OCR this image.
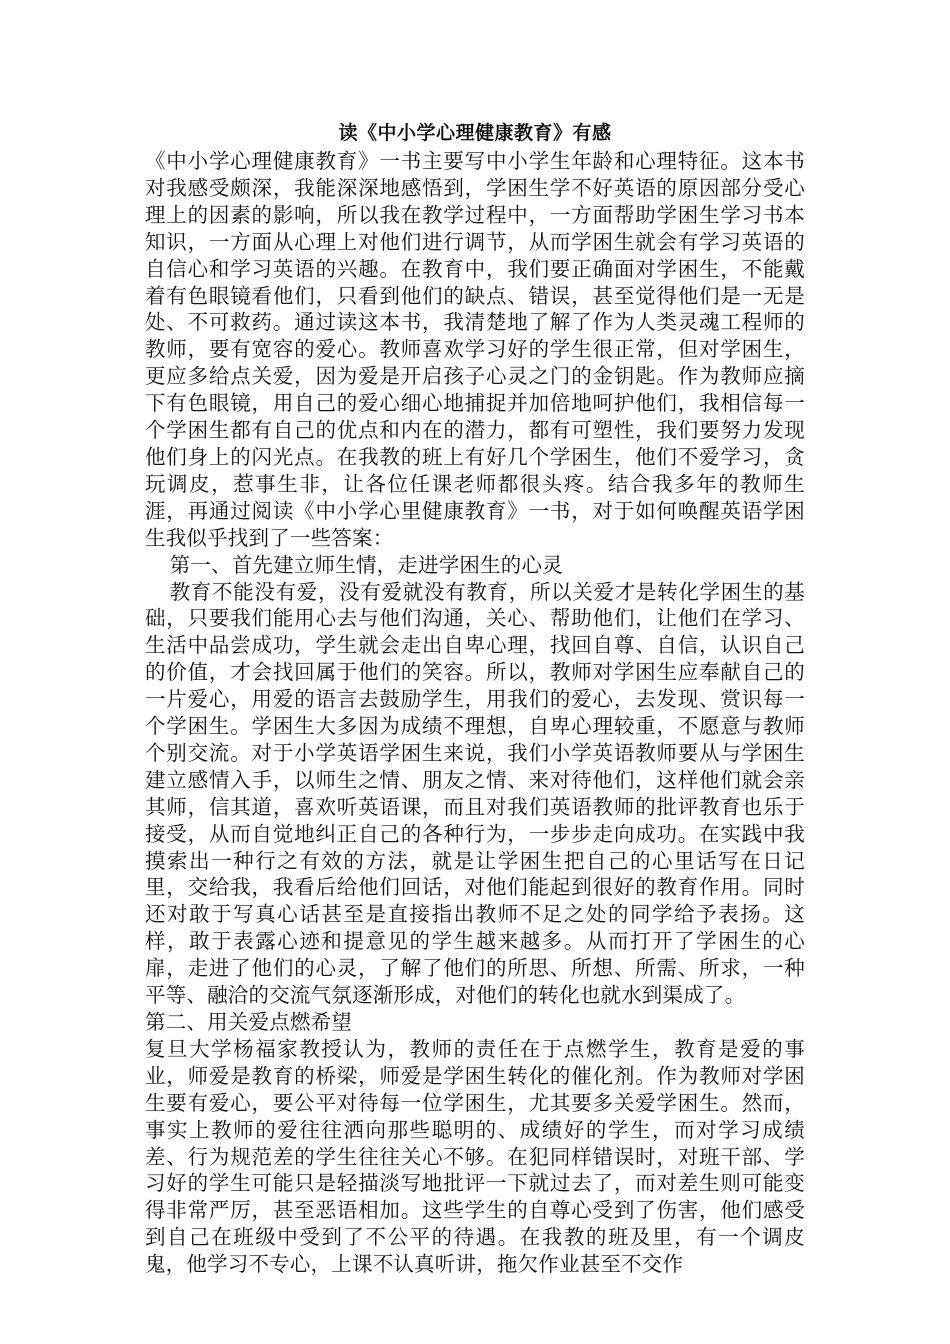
读《中小学心理健康教育》有感

《中小学心理健康教育》一书主要写中小学生年龄和心理特征。这本书对我感受颇深，我能深深地感悟到，学困生学不好英语的原因部分受心理上的因素的影响，所以我在教学过程中，一方面帮助学困生学习书本知识，一方面从心理上对他们进行调节，从而学困生就会有学习英语的自信心和学习英语的兴趣。在教育中，我们要正确面对学困生，不能戴着有色眼镜看他们，只看到他们的缺点、错误，甚至觉得他们是一无是处、不可救药。通过读这本书，我清楚地了解了作为人类灵魂工程师的教师，要有宽容的爱心。教师喜欢学习好的学生很正常，但对学困生，更应多给点关爱，因为爱是开启孩子心灵之门的金钥匙。作为教师应摘下有色眼镜，用自己的爱心细心地捕捉并加倍地呵护他们，我相信每一个学困生都有自己的优点和内在的潜力，都有可塑性，我们要努力发现他们身上的闪光点。在我教的班上有好几个学困生，他们不爱学习，贪玩调皮，惹事生非，让各位任课老师都很头疼。结合我多年的教师生涯，再通过阅读《中小学心里健康教育》一书，对于如何唤醒英语学困生我似乎找到了一些答案：

第一、首先建立师生情，走进学困生的心灵

教育不能没有爱，没有爱就没有教育，所以关爱才是转化学困生的基础，只要我们能用心去与他们沟通，关心、帮助他们，让他们在学习、生活中品尝成功，学生就会走出自卑心理，找回自尊、自信，认识自己的价值，才会找回属于他们的笑容。所以，教师对学困生应奉献自己的一片爱心，用爱的语言去鼓励学生，用我们的爱心，去发现、赏识每一个学困生。学困生大多因为成绩不理想，自卑心理较重，不愿意与教师个别交流。对于小学英语学困生来说，我们小学英语教师要从与学困生建立感情入手，以师生之情、朋友之情、来对待他们，这样他们就会亲其师，信其道，喜欢听英语课，而且对我们英语教师的批评教育也乐于接受，从而自觉地纠正自己的各种行为，一步步走向成功。在实践中我摸索出一种行之有效的方法，就是让学困生把自己的心里话写在日记里，交给我，我看后给他们回话，对他们能起到很好的教育作用。同时还对敢于写真心话甚至是直接指出教师不足之处的同学给予表扬。这样，敢于表露心迹和提意见的学生越来越多。从而打开了学困生的心扉，走进了他们的心灵，了解了他们的所思、所想、所需、所求，一种平等、融洽的交流气氛逐渐形成，对他们的转化也就水到渠成了。

第二、用关爱点燃希望

复旦大学杨福家教授认为，教师的责任在于点燃学生，教育是爱的事业，师爱是教育的桥梁，师爱是学困生转化的催化剂。作为教师对学困生要有爱心，要公平对待每一位学困生，尤其要多关爱学困生。然而，事实上教师的爱往往洒向那些聪明的、成绩好的学生，而对学习成绩差、行为规范差的学生往往关心不够。在犯同样错误时，对班干部、学习好的学生可能只是轻描淡写地批评一下就过去了，而对差生则可能变得非常严厉，甚至恶语相加。这些学生的自尊心受到了伤害，他们感受到自己在班级中受到了不公平的待遇。在我教的班及里，有一个调皮鬼，他学习不专心，上课不认真听讲，拖欠作业甚至不交作
